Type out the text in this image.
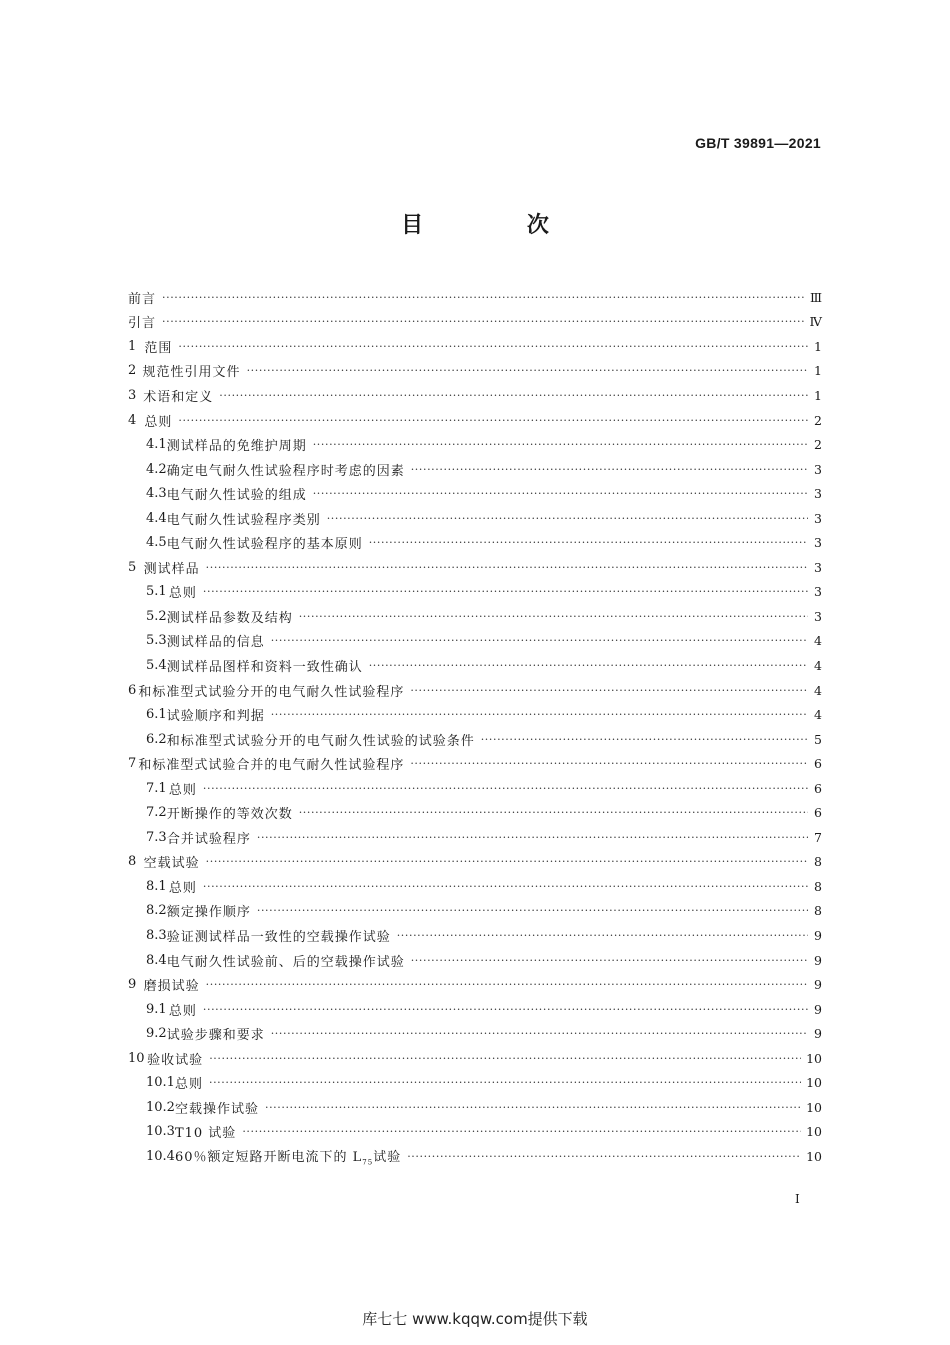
GB/T 39891—2021
目 次
前言 ·····	Ⅲ
引言 ·····	Ⅳ
1 范围 ·····	1
2 规范性引用文件 ·····	1
3 术语和定义 ·····	1
4 总则 ·····	2
4.1 测试样品的免维护周期 ·····	2
4.2 确定电气耐久性试验程序时考虑的因素 ·····	3
4.3 电气耐久性试验的组成 ·····	3
4.4 电气耐久性试验程序类别 ·····	3
4.5 电气耐久性试验程序的基本原则 ·····	3
5 测试样品 ·····	3
5.1 总则 ·····	3
5.2 测试样品参数及结构 ·····	3
5.3 测试样品的信息 ·····	4
5.4 测试样品图样和资料一致性确认 ·····	4
6 和标准型式试验分开的电气耐久性试验程序 ·····	4
6.1 试验顺序和判据 ·····	4
6.2 和标准型式试验分开的电气耐久性试验的试验条件 ·····	5
7 和标准型式试验合并的电气耐久性试验程序 ·····	6
7.1 总则 ·····	6
7.2 开断操作的等效次数 ·····	6
7.3 合并试验程序 ·····	7
8 空载试验 ·····	8
8.1 总则 ·····	8
8.2 额定操作顺序 ·····	8
8.3 验证测试样品一致性的空载操作试验 ·····	9
8.4 电气耐久性试验前、后的空载操作试验 ·····	9
9 磨损试验 ·····	9
9.1 总则 ·····	9
9.2 试验步骤和要求 ·····	9
10 验收试验 ·····	10
10.1 总则 ·····	10
10.2 空载操作试验 ·····	10
10.3 T10 试验 ·····	10
10.4 60％额定短路开断电流下的 $L_{75}$试验 ·····	10
I
库七七 www.kqqw.com提供下载
